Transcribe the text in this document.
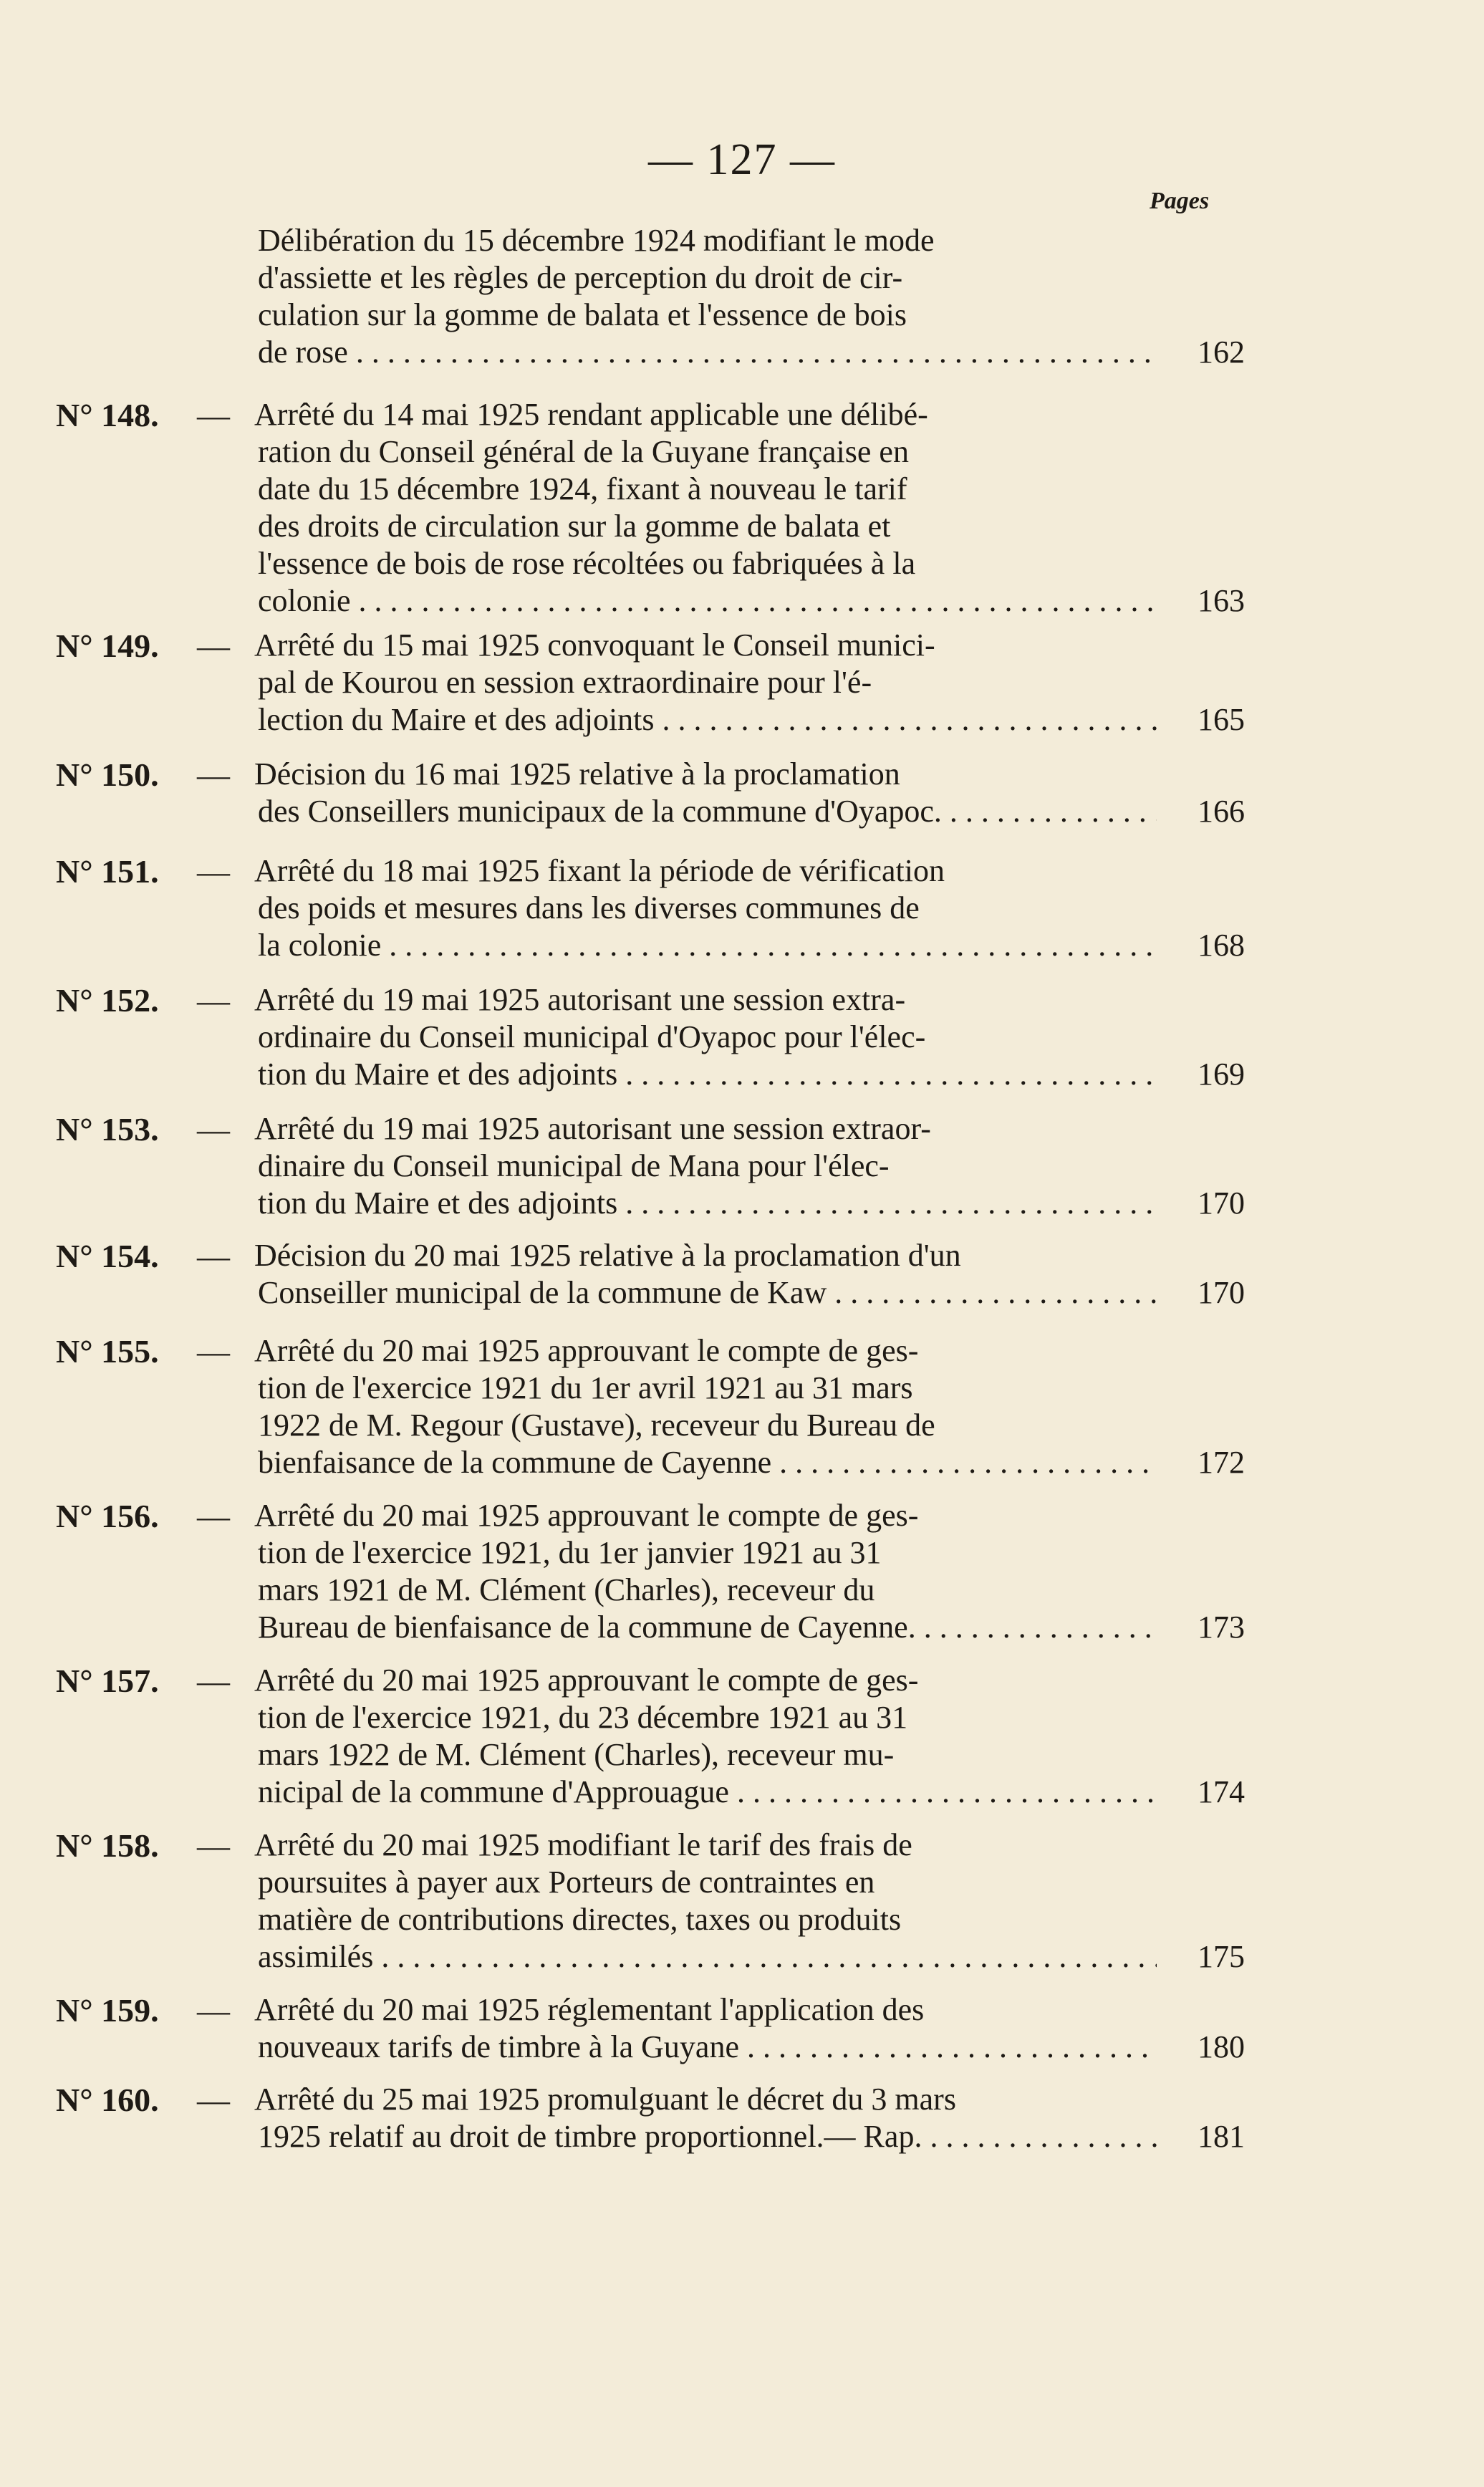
— 127 —
Pages
Délibération du 15 décembre 1924 modifiant le mode
d'assiette et les règles de perception du droit de cir-
culation sur la gomme de balata et l'essence de bois
de rose . . .	162
N° 148. — Arrêté du 14 mai 1925 rendant applicable une délibé-
ration du Conseil général de la Guyane française en
date du 15 décembre 1924, fixant à nouveau le tarif
des droits de circulation sur la gomme de balata et
l'essence de bois de rose récoltées ou fabriquées à la
colonie . . .	163
N° 149. — Arrêté du 15 mai 1925 convoquant le Conseil munici-
pal de Kourou en session extraordinaire pour l'é-
lection du Maire et des adjoints . . .	165
N° 150. — Décision du 16 mai 1925 relative à la proclamation
des Conseillers municipaux de la commune d'Oyapoc. . . .	166
N° 151. — Arrêté du 18 mai 1925 fixant la période de vérification
des poids et mesures dans les diverses communes de
la colonie . . .	168
N° 152. — Arrêté du 19 mai 1925 autorisant une session extra-
ordinaire du Conseil municipal d'Oyapoc pour l'élec-
tion du Maire et des adjoints . . .	169
N° 153. — Arrêté du 19 mai 1925 autorisant une session extraor-
dinaire du Conseil municipal de Mana pour l'élec-
tion du Maire et des adjoints . . .	170
N° 154. — Décision du 20 mai 1925 relative à la proclamation d'un
Conseiller municipal de la commune de Kaw . . .	170
N° 155. — Arrêté du 20 mai 1925 approuvant le compte de ges-
tion de l'exercice 1921 du 1er avril 1921 au 31 mars
1922 de M. Regour (Gustave), receveur du Bureau de
bienfaisance de la commune de Cayenne . . .	172
N° 156. — Arrêté du 20 mai 1925 approuvant le compte de ges-
tion de l'exercice 1921, du 1er janvier 1921 au 31
mars 1921 de M. Clément (Charles), receveur du
Bureau de bienfaisance de la commune de Cayenne. . . .	173
N° 157. — Arrêté du 20 mai 1925 approuvant le compte de ges-
tion de l'exercice 1921, du 23 décembre 1921 au 31
mars 1922 de M. Clément (Charles), receveur mu-
nicipal de la commune d'Approuague . . .	174
N° 158. — Arrêté du 20 mai 1925 modifiant le tarif des frais de
poursuites à payer aux Porteurs de contraintes en
matière de contributions directes, taxes ou produits
assimilés . . .	175
N° 159. — Arrêté du 20 mai 1925 réglementant l'application des
nouveaux tarifs de timbre à la Guyane . . .	180
N° 160. — Arrêté du 25 mai 1925 promulguant le décret du 3 mars
1925 relatif au droit de timbre proportionnel.— Rap. . . .	181
